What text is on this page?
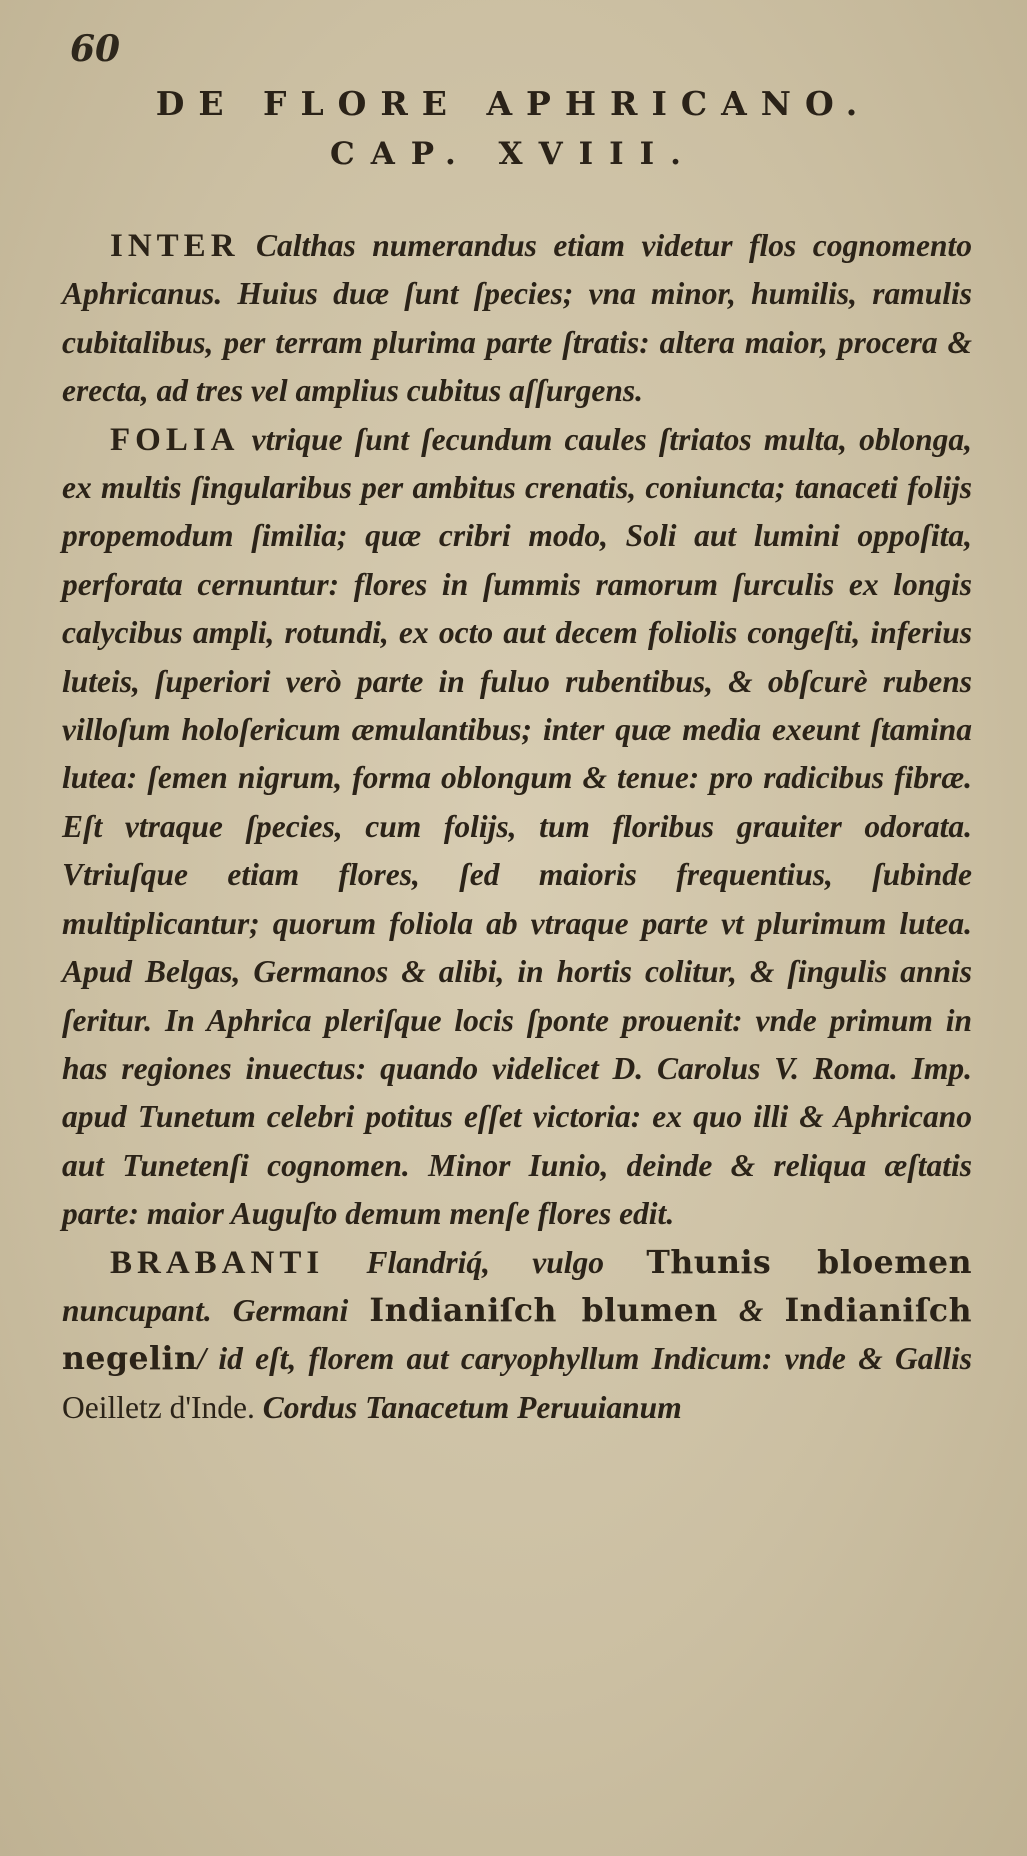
60
DE FLORE APHRICANO.
CAP. XVIII.

INTER Calthas numerandus etiam videtur flos cognomento Aphricanus. Huius duæ ſunt ſpecies; vna minor, humilis, ramulis cubitalibus, per terram plurima parte ſtratis: altera maior, procera & erecta, ad tres vel amplius cubitus aſſurgens.

FOLIA vtrique ſunt ſecundum caules ſtriatos multa, oblonga, ex multis ſingularibus per ambitus crenatis, coniuncta; tanaceti folijs propemodum ſimilia; quæ cribri modo, Soli aut lumini oppoſita, perforata cernuntur: flores in ſummis ramorum ſurculis ex longis calycibus ampli, rotundi, ex octo aut decem foliolis congeſti, inferius luteis, ſuperiori verò parte in fuluo rubentibus, & obſcurè rubens villoſum holoſericum æmulantibus; inter quæ media exeunt ſtamina lutea: ſemen nigrum, forma oblongum & tenue: pro radicibus fibræ. Eſt vtraque ſpecies, cum folijs, tum floribus grauiter odorata. Vtriuſque etiam flores, ſed maioris frequentius, ſubinde multiplicantur; quorum foliola ab vtraque parte vt plurimum lutea. Apud Belgas, Germanos & alibi, in hortis colitur, & ſingulis annis ſeritur. In Aphrica pleriſque locis ſponte prouenit: vnde primum in has regiones inuectus: quando videlicet D. Carolus V. Roma. Imp. apud Tunetum celebri potitus eſſet victoria: ex quo illi & Aphricano aut Tunetenſi cognomen. Minor Iunio, deinde & reliqua æſtatis parte: maior Auguſto demum menſe flores edit.

BRABANTI Flandriq́, vulgo Thunis bloemen nuncupant. Germani Indianiſch blumen & Indianiſch negelin/ id eſt, florem aut caryophyllum Indicum: vnde & Gallis Oeilletz d'Inde. Cordus Tanacetum Peruuianum
